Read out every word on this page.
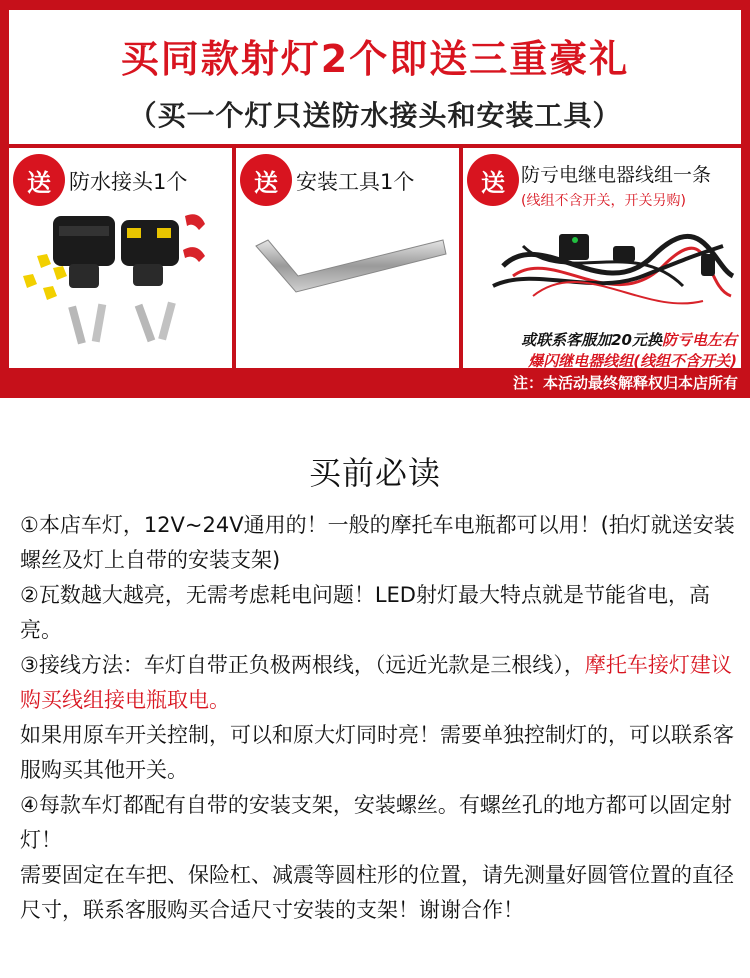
买同款射灯2个即送三重豪礼
（买一个灯只送防水接头和安装工具）
送 防水接头1个	送 安装工具1个	送 防亏电继电器线组一条
(线组不含开关，开关另购)
或联系客服加20元换防亏电左右
爆闪继电器线组(线组不含开关)
注：本活动最终解释权归本店所有
买前必读

①本店车灯，12V~24V通用的！一般的摩托车电瓶都可以用！(拍灯就送安装螺丝及灯上自带的安装支架)

②瓦数越大越亮，无需考虑耗电问题！LED射灯最大特点就是节能省电，高亮。

③接线方法：车灯自带正负极两根线，（远近光款是三根线），摩托车接灯建议购买线组接电瓶取电。

如果用原车开关控制，可以和原大灯同时亮！需要单独控制灯的，可以联系客服购买其他开关。

④每款车灯都配有自带的安装支架，安装螺丝。有螺丝孔的地方都可以固定射灯！

需要固定在车把、保险杠、减震等圆柱形的位置，请先测量好圆管位置的直径尺寸，联系客服购买合适尺寸安装的支架！谢谢合作！
